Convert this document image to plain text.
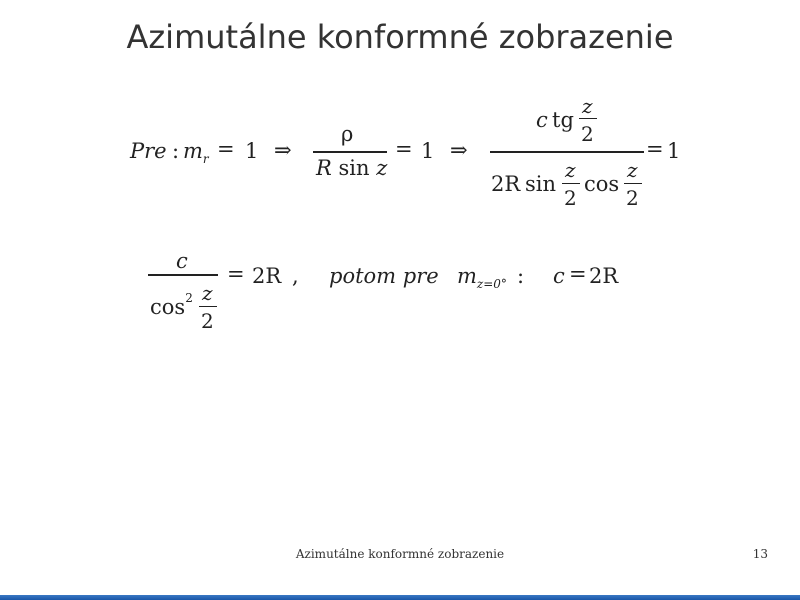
Azimutálne konformné zobrazenie
Pre : $m_r = 1$ ⇒
ρ
R sin z
= 1 ⇒
c tg
z
2
2R sin
z
2
cos
z
2
= 1
c
$\cos^2 z$
2
= 2R , potom pre $m_{z=0^\circ}$ : c = 2R
Azimutálne konformné zobrazenie	13
